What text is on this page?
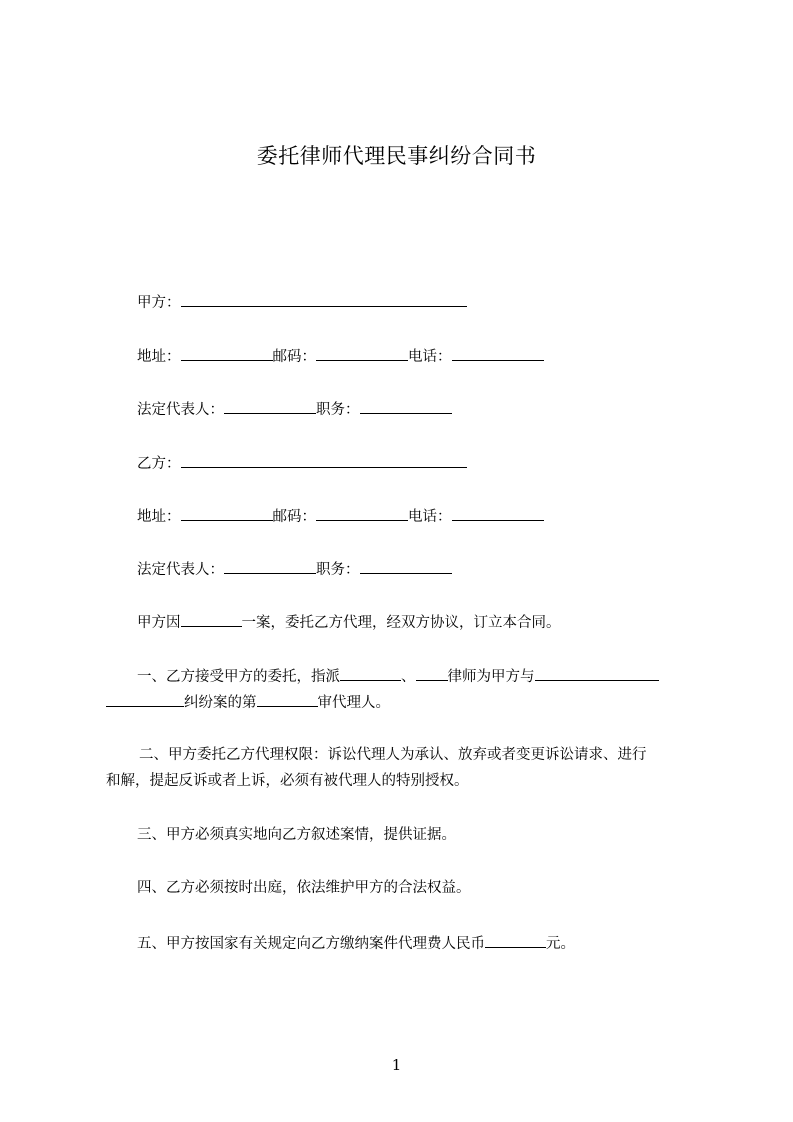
委托律师代理民事纠纷合同书
甲方：
地址：	邮码：	电话：
法定代表人：	职务：
乙方：
地址：	邮码：	电话：
法定代表人：	职务：
甲方因	一案，委托乙方代理，经双方协议，订立本合同。
一、乙方接受甲方的委托，指派	、 律师为甲方与
纠纷案的第	审代理人。
二、甲方委托乙方代理权限：诉讼代理人为承认、放弃或者变更诉讼请求、进行
和解，提起反诉或者上诉，必须有被代理人的特别授权。
三、甲方必须真实地向乙方叙述案情，提供证据。
四、乙方必须按时出庭，依法维护甲方的合法权益。
五、甲方按国家有关规定向乙方缴纳案件代理费人民币	元。
1
